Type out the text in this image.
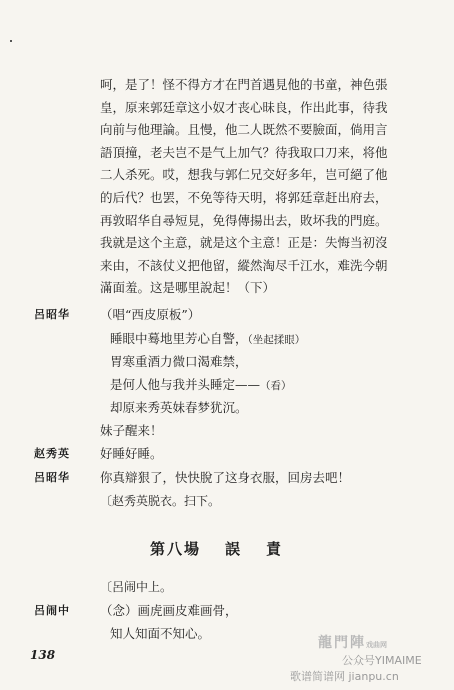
呵，是了！怪不得方才在門首遇見他的书童，神色張

皇，原来郭廷章这小奴才丧心昧良，作出此事，待我

向前与他理論。且慢，他二人既然不要臉面，倘用言

語頂撞，老夫岂不是气上加气？待我取口刀来，将他

二人杀死。哎，想我与郭仁兄交好多年，岂可絕了他

的后代？也罢，不免等待天明，将郭廷章赶出府去，

再敦昭华自尋短見，免得傳揚出去，敗坏我的門庭。

我就是这个主意，就是这个主意！正是：失悔当初沒

来由，不該仗义把他留，縱然淘尽千江水，难洗今朝

滿面羞。这是哪里說起！（下）

呂昭华 （唱“西皮原板”）
睡眼中蓦地里芳心自警，（坐起揉眼）
胃寒重酒力微口渴难禁，
是何人他与我并头睡定——（看）
却原来秀英妹春梦犹沉。
妹子醒来！
赵秀英 好睡好睡。
呂昭华 你真辯狠了，快快脫了这身衣服，回房去吧！
〔赵秀英脱衣。扫下。
第八場 誤 責
〔呂闹中上。
呂闹中 （念）画虎画皮难画骨，
知人知面不知心。
138
龍門陣戏曲网
公众号YIMAIME
歌谱简谱网 jianpu.cn
